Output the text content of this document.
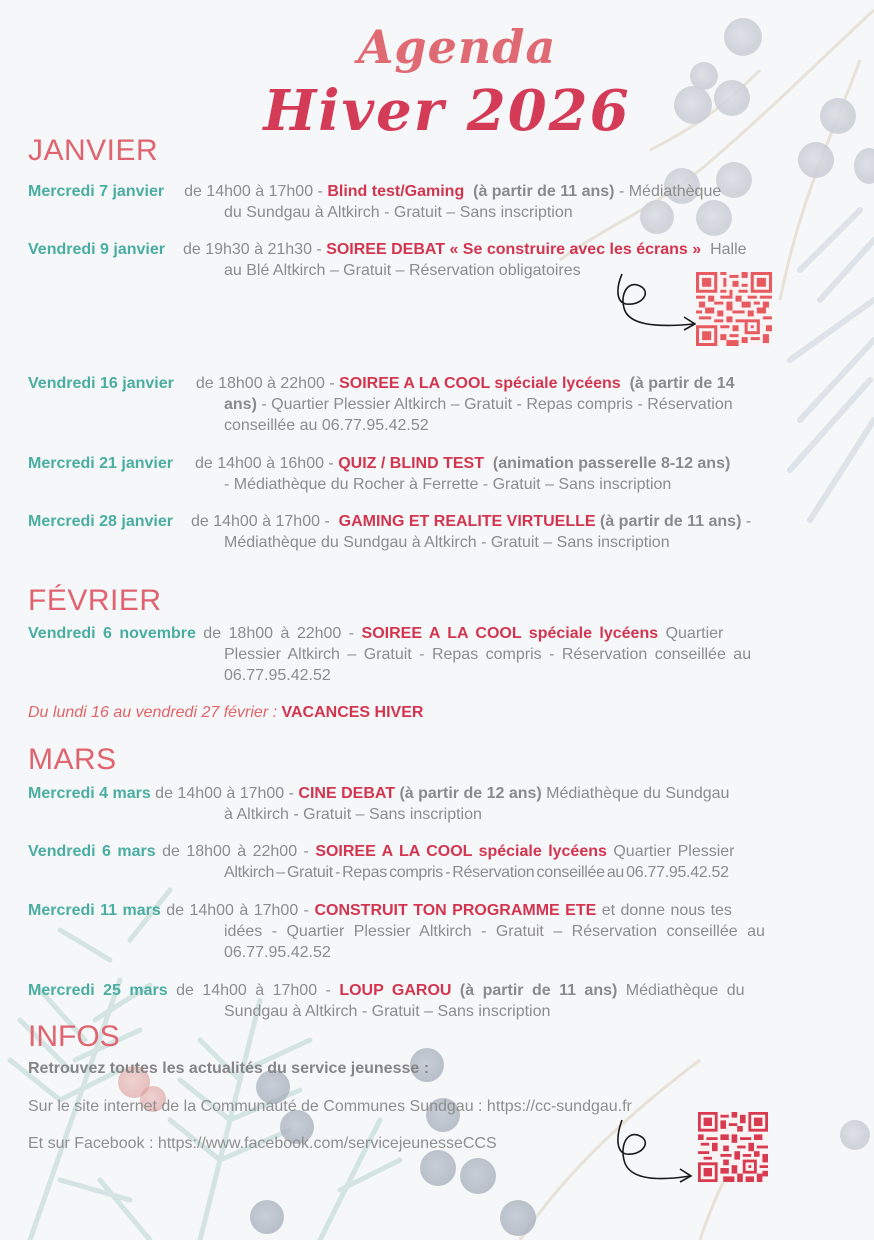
Agenda
Hiver 2026
JANVIER
Mercredi 7 janvier de 14h00 à 17h00 - Blind test/Gaming (à partir de 11 ans) - Médiathèque
du Sundgau à Altkirch - Gratuit – Sans inscription
Vendredi 9 janvier de 19h30 à 21h30 - SOIREE DEBAT « Se construire avec les écrans »  Halle
au Blé Altkirch – Gratuit – Réservation obligatoires
Vendredi 16 janvier de 18h00 à 22h00 - SOIREE A LA COOL spéciale lycéens (à partir de 14
ans) - Quartier Plessier Altkirch – Gratuit - Repas compris - Réservation
conseillée au 06.77.95.42.52
Mercredi 21 janvier de 14h00 à 16h00 - QUIZ / BLIND TEST (animation passerelle 8-12 ans)
- Médiathèque du Rocher à Ferrette - Gratuit – Sans inscription
Mercredi 28 janvier de 14h00 à 17h00 -  GAMING ET REALITE VIRTUELLE (à partir de 11 ans) -
Médiathèque du Sundgau à Altkirch - Gratuit – Sans inscription
FÉVRIER
Vendredi 6 novembre de 18h00 à 22h00 - SOIREE A LA COOL spéciale lycéens Quartier
Plessier Altkirch – Gratuit - Repas compris - Réservation conseillée au
06.77.95.42.52
Du lundi 16 au vendredi 27 février : VACANCES HIVER
MARS
Mercredi 4 mars de 14h00 à 17h00 - CINE DEBAT (à partir de 12 ans) Médiathèque du Sundgau
à Altkirch - Gratuit – Sans inscription
Vendredi 6 mars de 18h00 à 22h00 - SOIREE A LA COOL spéciale lycéens Quartier Plessier
Altkirch – Gratuit - Repas compris - Réservation conseillée au 06.77.95.42.52
Mercredi 11 mars de 14h00 à 17h00 - CONSTRUIT TON PROGRAMME ETE et donne nous tes
idées - Quartier Plessier Altkirch - Gratuit – Réservation conseillée au
06.77.95.42.52
Mercredi 25 mars de 14h00 à 17h00 - LOUP GAROU (à partir de 11 ans) Médiathèque du
Sundgau à Altkirch - Gratuit – Sans inscription
INFOS
Retrouvez toutes les actualités du service jeunesse :
Sur le site internet de la Communauté de Communes Sundgau : https://cc-sundgau.fr
Et sur Facebook : https://www.facebook.com/servicejeunesseCCS
